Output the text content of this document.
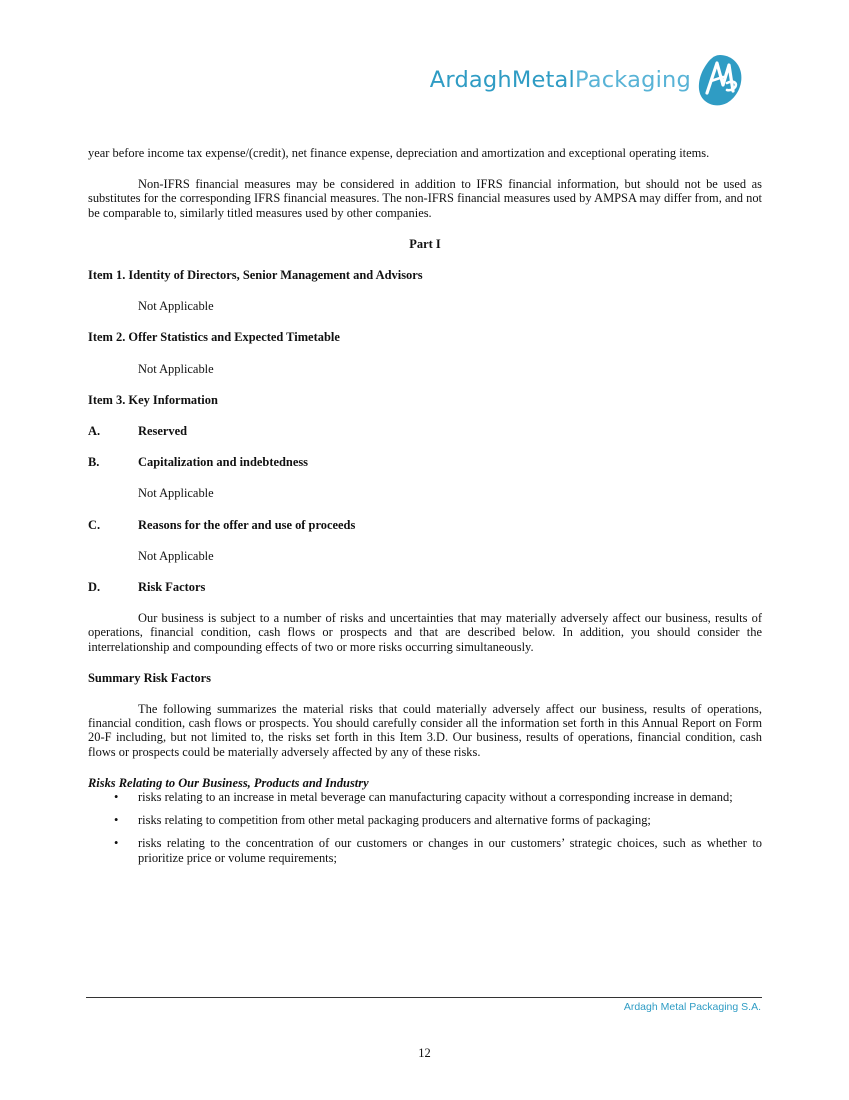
ArdaghMetalPackaging

year before income tax expense/(credit), net finance expense, depreciation and amortization and exceptional operating items.

Non-IFRS financial measures may be considered in addition to IFRS financial information, but should not be used as substitutes for the corresponding IFRS financial measures. The non-IFRS financial measures used by AMPSA may differ from, and not be comparable to, similarly titled measures used by other companies.

Part I

Item 1. Identity of Directors, Senior Management and Advisors

Not Applicable

Item 2. Offer Statistics and Expected Timetable

Not Applicable

Item 3. Key Information

A.	Reserved
B.	Capitalization and indebtedness

Not Applicable

C.	Reasons for the offer and use of proceeds

Not Applicable

D.	Risk Factors

Our business is subject to a number of risks and uncertainties that may materially adversely affect our business, results of operations, financial condition, cash flows or prospects and that are described below. In addition, you should consider the interrelationship and compounding effects of two or more risks occurring simultaneously.

Summary Risk Factors

The following summarizes the material risks that could materially adversely affect our business, results of operations, financial condition, cash flows or prospects. You should carefully consider all the information set forth in this Annual Report on Form 20-F including, but not limited to, the risks set forth in this Item 3.D. Our business, results of operations, financial condition, cash flows or prospects could be materially adversely affected by any of these risks.

Risks Relating to Our Business, Products and Industry

• risks relating to an increase in metal beverage can manufacturing capacity without a corresponding increase in demand;
• risks relating to competition from other metal packaging producers and alternative forms of packaging;
• risks relating to the concentration of our customers or changes in our customers’ strategic choices, such as whether to prioritize price or volume requirements;
Ardagh Metal Packaging S.A.
12
